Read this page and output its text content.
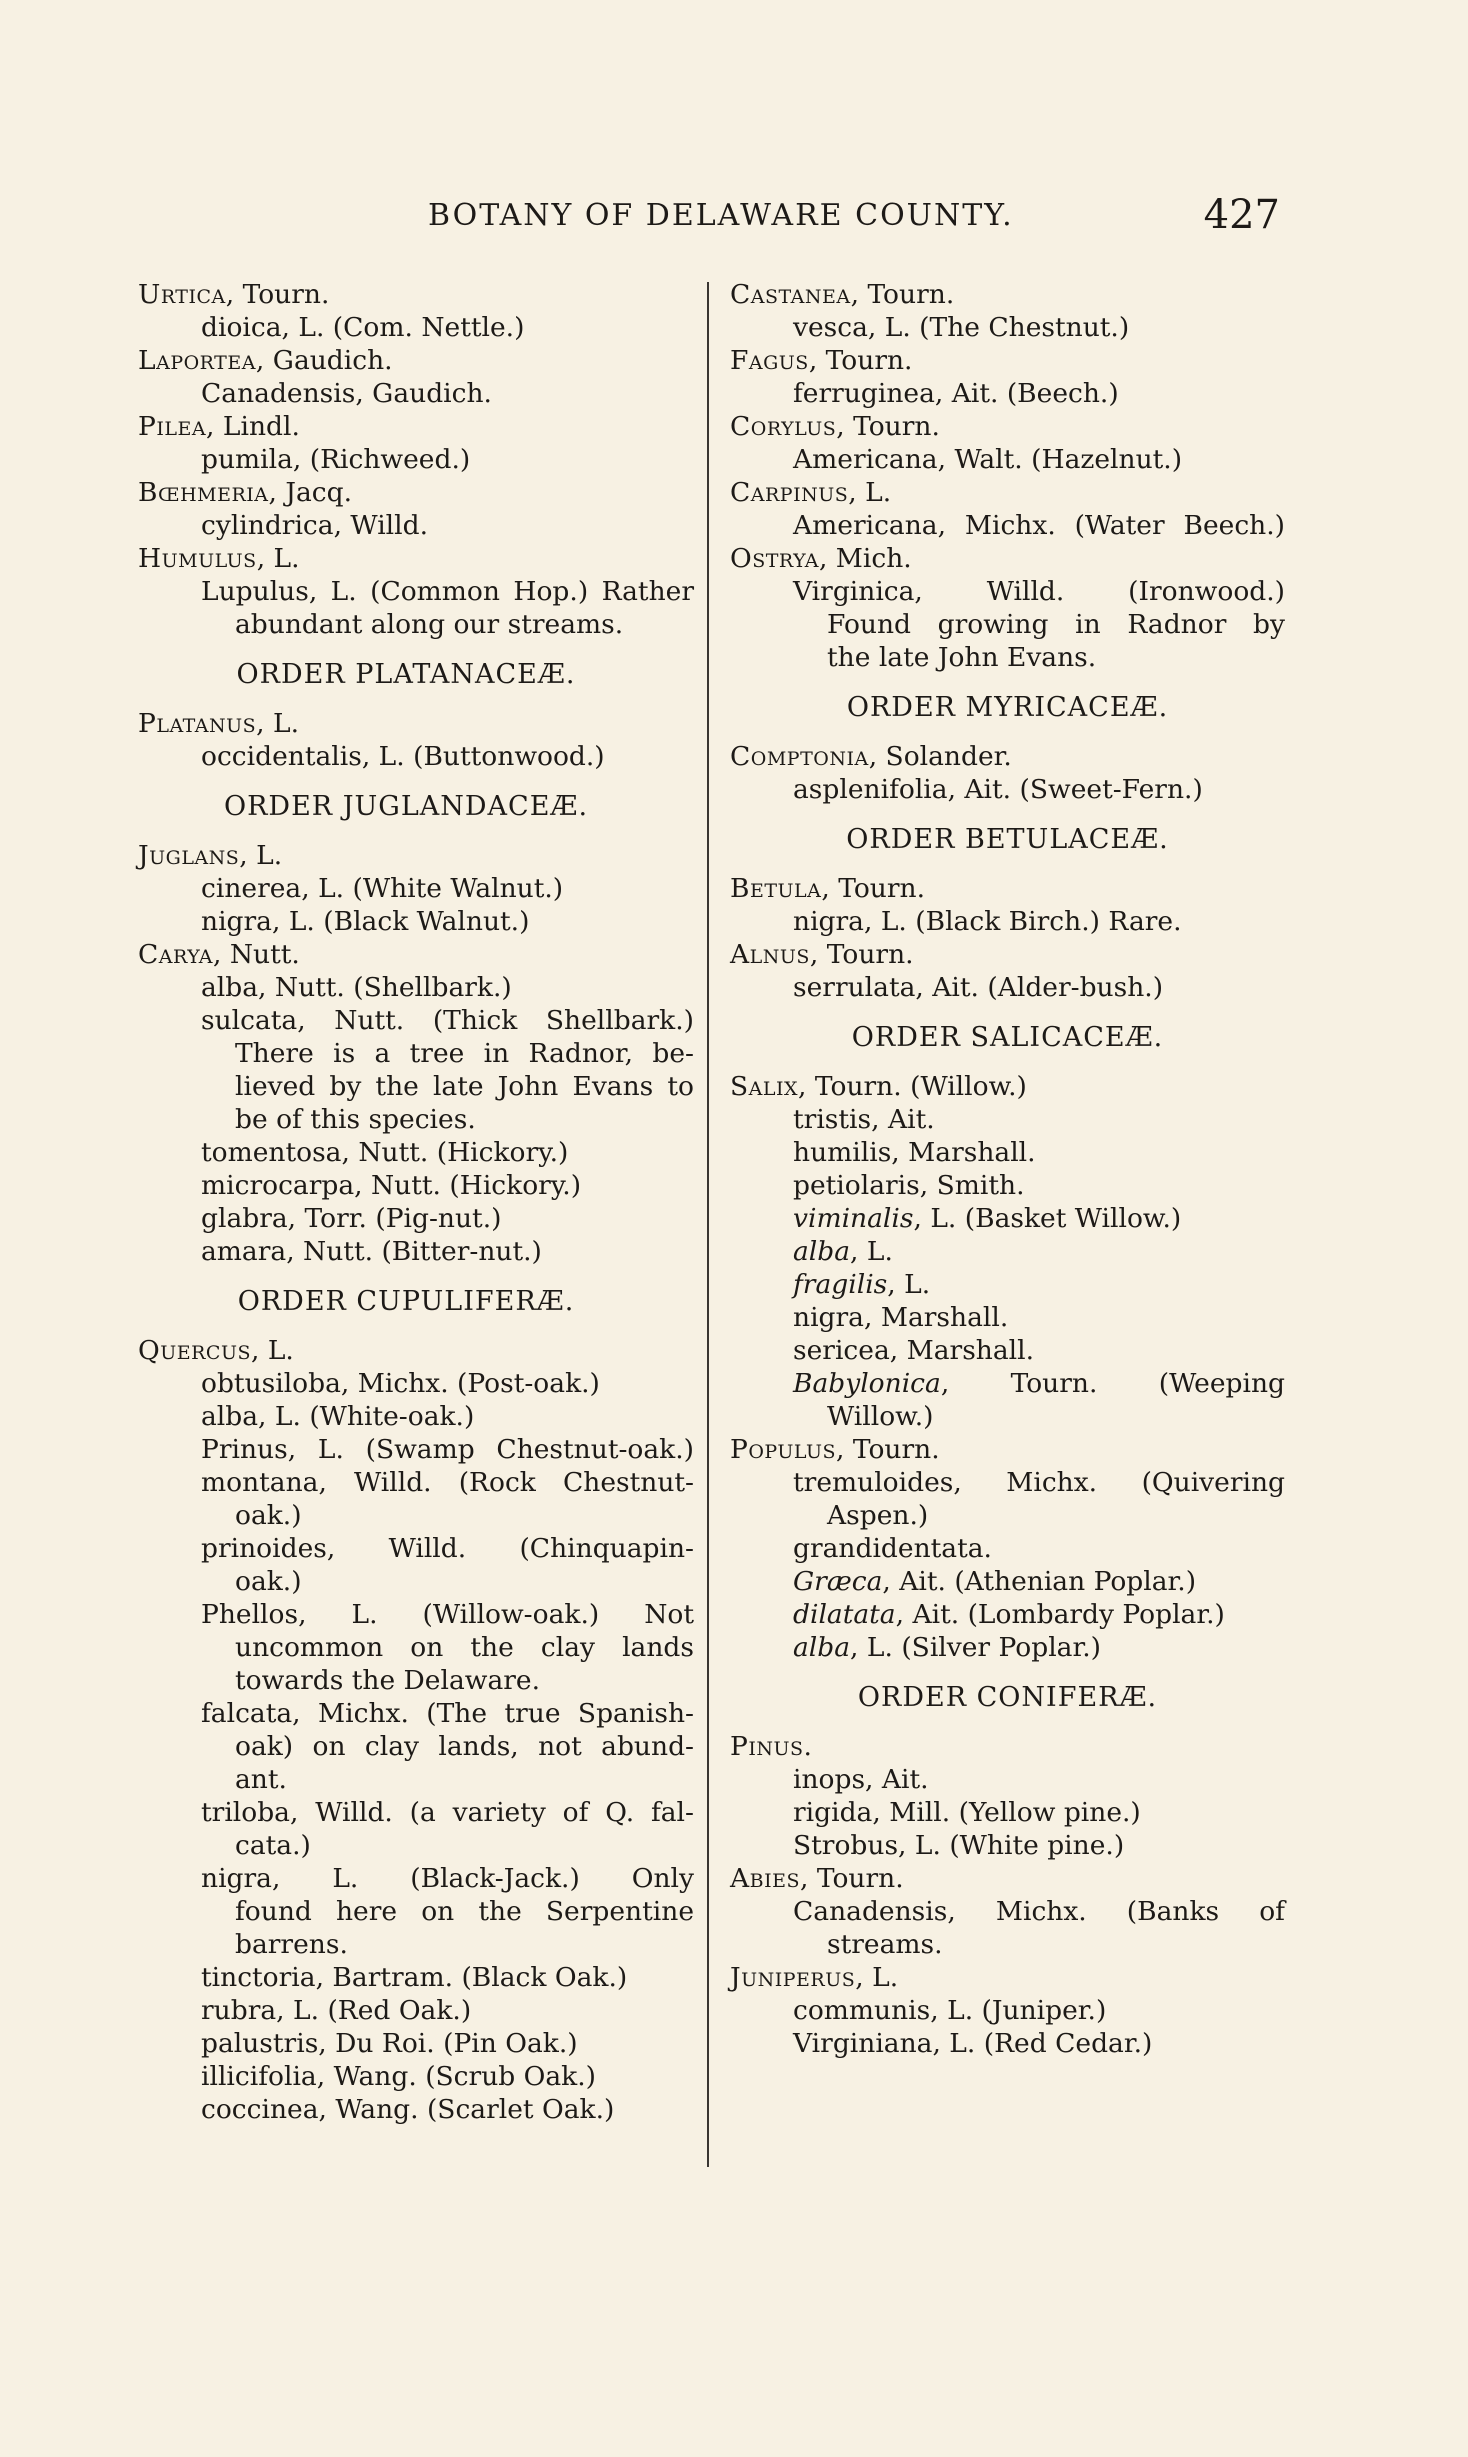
BOTANY OF DELAWARE COUNTY.	427
Urtica, Tourn.
dioica, L. (Com. Nettle.)
Laportea, Gaudich.
Canadensis, Gaudich.
Pilea, Lindl.
pumila, (Richweed.)
Bœhmeria, Jacq.
cylindrica, Willd.
Humulus, L.
Lupulus, L. (Common Hop.) Rather
abundant along our streams.
ORDER PLATANACEÆ.
Platanus, L.
occidentalis, L. (Buttonwood.)
ORDER JUGLANDACEÆ.
Juglans, L.
cinerea, L. (White Walnut.)
nigra, L. (Black Walnut.)
Carya, Nutt.
alba, Nutt. (Shellbark.)
sulcata, Nutt. (Thick Shellbark.)
There is a tree in Radnor, be-
lieved by the late John Evans to
be of this species.
tomentosa, Nutt. (Hickory.)
microcarpa, Nutt. (Hickory.)
glabra, Torr. (Pig-nut.)
amara, Nutt. (Bitter-nut.)
ORDER CUPULIFERÆ.
Quercus, L.
obtusiloba, Michx. (Post-oak.)
alba, L. (White-oak.)
Prinus, L. (Swamp Chestnut-oak.)
montana, Willd. (Rock Chestnut-
oak.)
prinoides, Willd. (Chinquapin-
oak.)
Phellos, L. (Willow-oak.) Not
uncommon on the clay lands
towards the Delaware.
falcata, Michx. (The true Spanish-
oak) on clay lands, not abund-
ant.
triloba, Willd. (a variety of Q. fal-
cata.)
nigra, L. (Black-Jack.) Only
found here on the Serpentine
barrens.
tinctoria, Bartram. (Black Oak.)
rubra, L. (Red Oak.)
palustris, Du Roi. (Pin Oak.)
illicifolia, Wang. (Scrub Oak.)
coccinea, Wang. (Scarlet Oak.)
Castanea, Tourn.
vesca, L. (The Chestnut.)
Fagus, Tourn.
ferruginea, Ait. (Beech.)
Corylus, Tourn.
Americana, Walt. (Hazelnut.)
Carpinus, L.
Americana, Michx. (Water Beech.)
Ostrya, Mich.
Virginica, Willd. (Ironwood.)
Found growing in Radnor by
the late John Evans.
ORDER MYRICACEÆ.
Comptonia, Solander.
asplenifolia, Ait. (Sweet-Fern.)
ORDER BETULACEÆ.
Betula, Tourn.
nigra, L. (Black Birch.) Rare.
Alnus, Tourn.
serrulata, Ait. (Alder-bush.)
ORDER SALICACEÆ.
Salix, Tourn. (Willow.)
tristis, Ait.
humilis, Marshall.
petiolaris, Smith.
viminalis, L. (Basket Willow.)
alba, L.
fragilis, L.
nigra, Marshall.
sericea, Marshall.
Babylonica, Tourn. (Weeping
Willow.)
Populus, Tourn.
tremuloides, Michx. (Quivering
Aspen.)
grandidentata.
Græca, Ait. (Athenian Poplar.)
dilatata, Ait. (Lombardy Poplar.)
alba, L. (Silver Poplar.)
ORDER CONIFERÆ.
Pinus.
inops, Ait.
rigida, Mill. (Yellow pine.)
Strobus, L. (White pine.)
Abies, Tourn.
Canadensis, Michx. (Banks of
streams.
Juniperus, L.
communis, L. (Juniper.)
Virginiana, L. (Red Cedar.)
